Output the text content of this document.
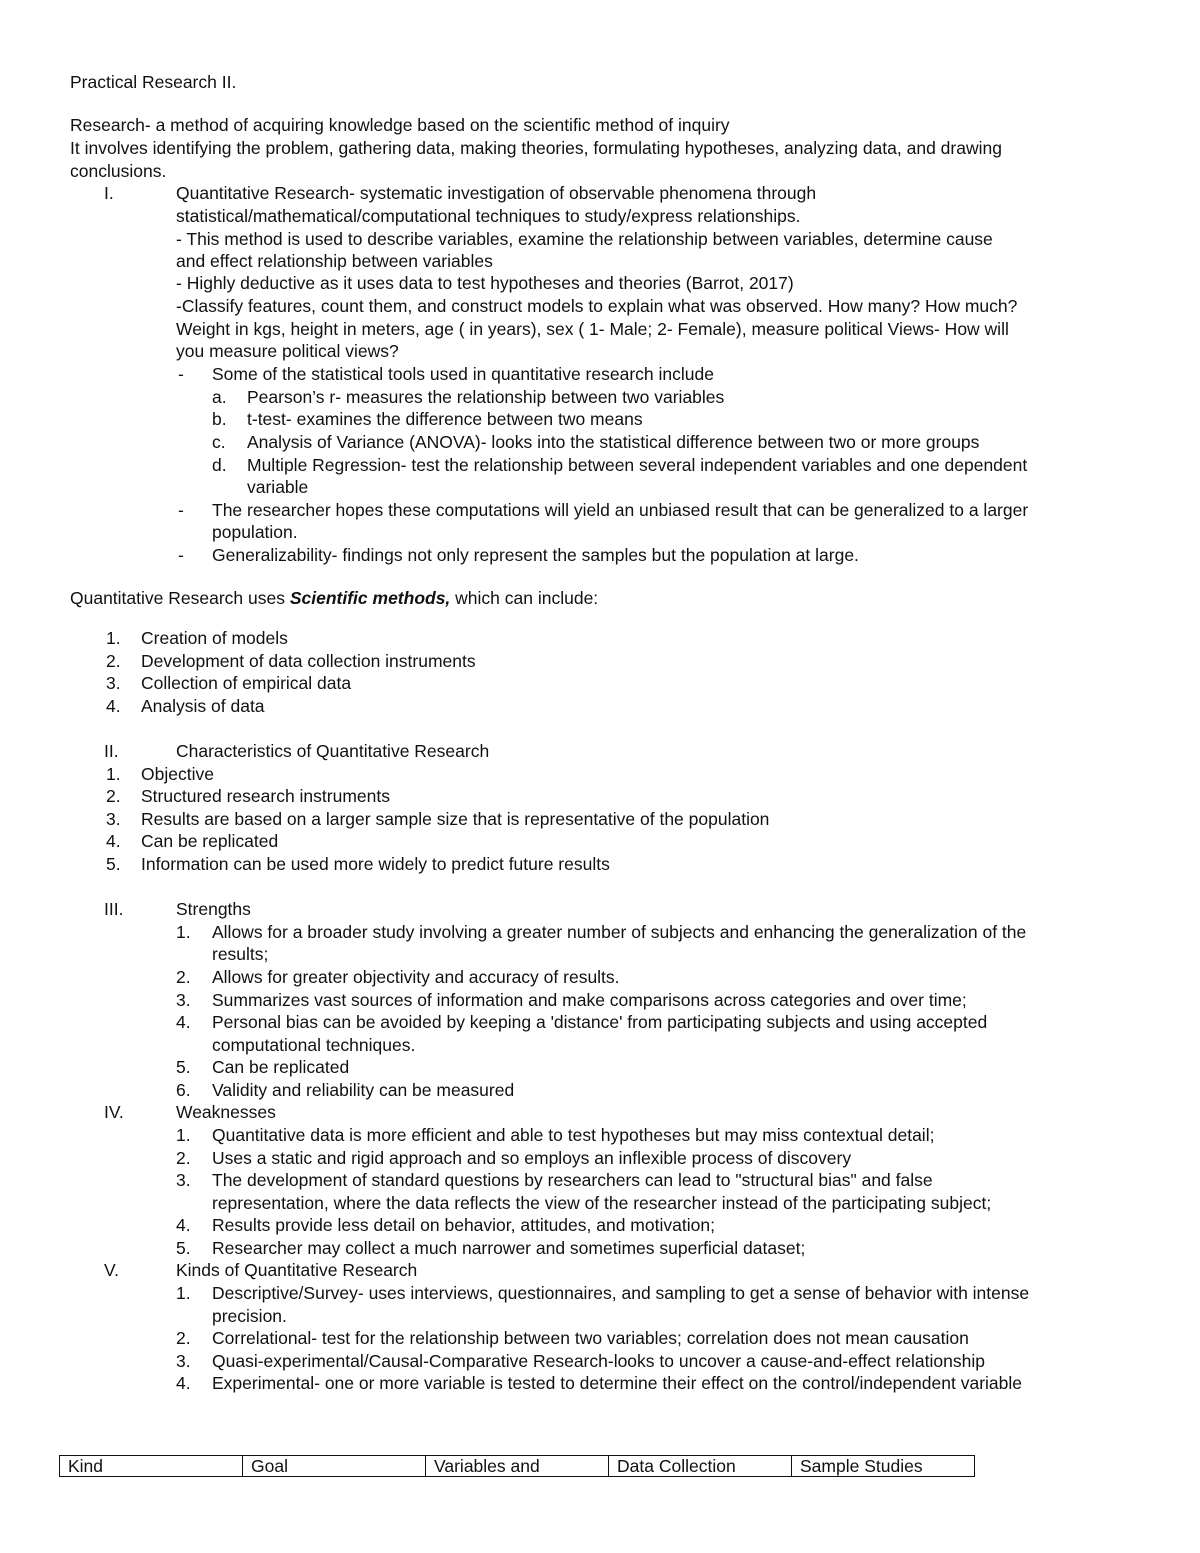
Practical Research II.
Research- a method of acquiring knowledge based on the scientific method of inquiry
It involves identifying the problem, gathering data, making theories, formulating hypotheses, analyzing data, and drawing
conclusions.
I.	Quantitative Research- systematic investigation of observable phenomena through
statistical/mathematical/computational techniques to study/express relationships.
- This method is used to describe variables, examine the relationship between variables, determine cause
and effect relationship between variables
- Highly deductive as it uses data to test hypotheses and theories (Barrot, 2017)
-Classify features, count them, and construct models to explain what was observed. How many? How much?
Weight in kgs, height in meters, age ( in years), sex ( 1- Male; 2- Female), measure political Views- How will
you measure political views?
- Some of the statistical tools used in quantitative research include
a. Pearson’s r- measures the relationship between two variables
b. t-test- examines the difference between two means
c. Analysis of Variance (ANOVA)- looks into the statistical difference between two or more groups
d. Multiple Regression- test the relationship between several independent variables and one dependent
variable
- The researcher hopes these computations will yield an unbiased result that can be generalized to a larger
population.
- Generalizability- findings not only represent the samples but the population at large.
Quantitative Research uses Scientific methods, which can include:
1. Creation of models
2. Development of data collection instruments
3. Collection of empirical data
4. Analysis of data
II.	Characteristics of Quantitative Research
1. Objective
2. Structured research instruments
3. Results are based on a larger sample size that is representative of the population
4. Can be replicated
5. Information can be used more widely to predict future results
III.	Strengths
1. Allows for a broader study involving a greater number of subjects and enhancing the generalization of the
results;
2. Allows for greater objectivity and accuracy of results.
3. Summarizes vast sources of information and make comparisons across categories and over time;
4. Personal bias can be avoided by keeping a 'distance' from participating subjects and using accepted
computational techniques.
5. Can be replicated
6. Validity and reliability can be measured
IV.	Weaknesses
1. Quantitative data is more efficient and able to test hypotheses but may miss contextual detail;
2. Uses a static and rigid approach and so employs an inflexible process of discovery
3. The development of standard questions by researchers can lead to "structural bias" and false
representation, where the data reflects the view of the researcher instead of the participating subject;
4. Results provide less detail on behavior, attitudes, and motivation;
5. Researcher may collect a much narrower and sometimes superficial dataset;
V.	Kinds of Quantitative Research
1. Descriptive/Survey- uses interviews, questionnaires, and sampling to get a sense of behavior with intense
precision.
2. Correlational- test for the relationship between two variables; correlation does not mean causation
3. Quasi-experimental/Causal-Comparative Research-looks to uncover a cause-and-effect relationship
4. Experimental- one or more variable is tested to determine their effect on the control/independent variable
Kind	Goal	Variables and	Data Collection	Sample Studies
